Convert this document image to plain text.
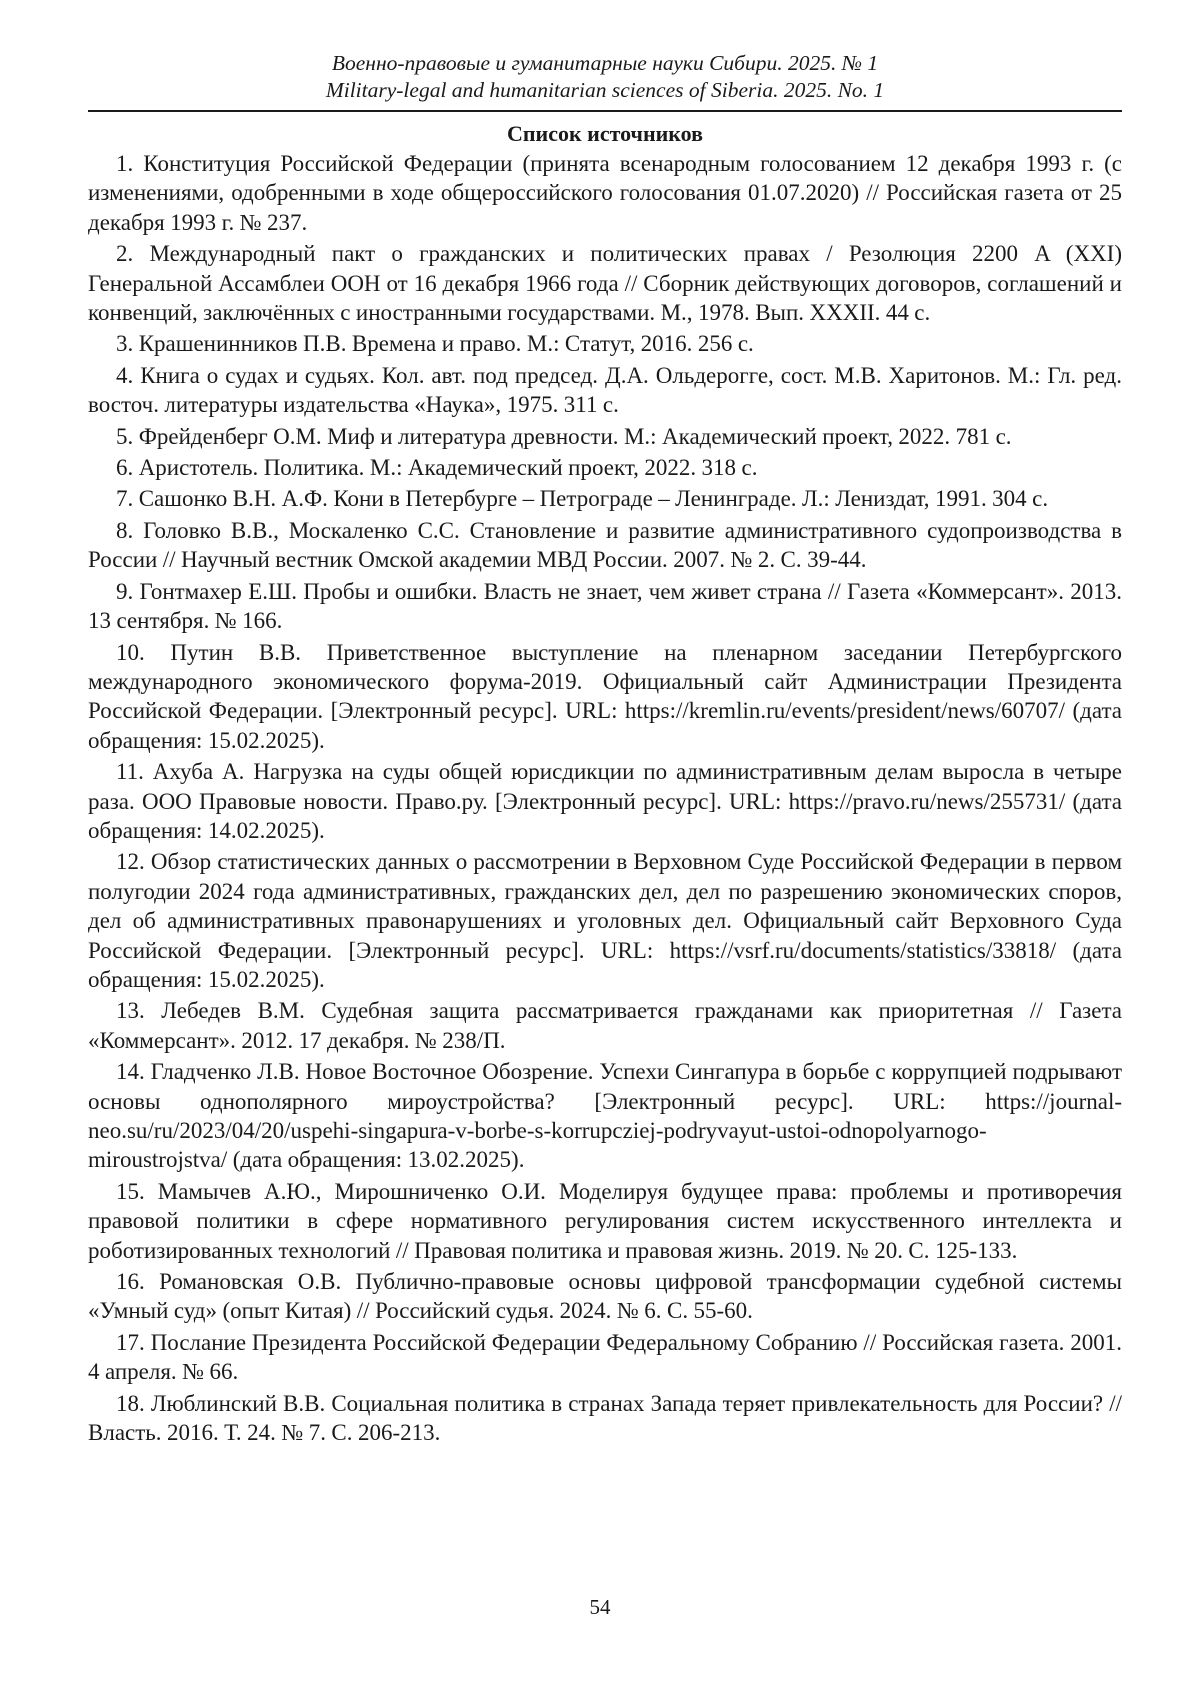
Военно-правовые и гуманитарные науки Сибири. 2025. № 1
Military-legal and humanitarian sciences of Siberia. 2025. No. 1
Список источников
1. Конституция Российской Федерации (принята всенародным голосованием 12 декабря 1993 г. (с изменениями, одобренными в ходе общероссийского голосования 01.07.2020) // Российская газета от 25 декабря 1993 г. № 237.
2. Международный пакт о гражданских и политических правах / Резолюция 2200 A (XXI) Генеральной Ассамблеи ООН от 16 декабря 1966 года // Сборник действующих договоров, соглашений и конвенций, заключённых с иностранными государствами. М., 1978. Вып. XXXII. 44 с.
3. Крашенинников П.В. Времена и право. М.: Статут, 2016. 256 с.
4. Книга о судах и судьях. Кол. авт. под председ. Д.А. Ольдерогге, сост. М.В. Харитонов. М.: Гл. ред. восточ. литературы издательства «Наука», 1975. 311 с.
5. Фрейденберг О.М. Миф и литература древности. М.: Академический проект, 2022. 781 с.
6. Аристотель. Политика. М.: Академический проект, 2022. 318 с.
7. Сашонко В.Н. А.Ф. Кони в Петербурге – Петрограде – Ленинграде. Л.: Лениздат, 1991. 304 с.
8. Головко В.В., Москаленко С.С. Становление и развитие административного судопроизводства в России // Научный вестник Омской академии МВД России. 2007. № 2. С. 39-44.
9. Гонтмахер Е.Ш. Пробы и ошибки. Власть не знает, чем живет страна // Газета «Коммерсант». 2013. 13 сентября. № 166.
10. Путин В.В. Приветственное выступление на пленарном заседании Петербургского международного экономического форума-2019. Официальный сайт Администрации Президента Российской Федерации. [Электронный ресурс]. URL: https://kremlin.ru/events/president/news/60707/ (дата обращения: 15.02.2025).
11. Ахуба А. Нагрузка на суды общей юрисдикции по административным делам выросла в четыре раза. ООО Правовые новости. Право.ру. [Электронный ресурс]. URL: https://pravo.ru/news/255731/ (дата обращения: 14.02.2025).
12. Обзор статистических данных о рассмотрении в Верховном Суде Российской Федерации в первом полугодии 2024 года административных, гражданских дел, дел по разрешению экономических споров, дел об административных правонарушениях и уголовных дел. Официальный сайт Верховного Суда Российской Федерации. [Электронный ресурс]. URL: https://vsrf.ru/documents/statistics/33818/ (дата обращения: 15.02.2025).
13. Лебедев В.М. Судебная защита рассматривается гражданами как приоритетная // Газета «Коммерсант». 2012. 17 декабря. № 238/П.
14. Гладченко Л.В. Новое Восточное Обозрение. Успехи Сингапура в борьбе с коррупцией подрывают основы однополярного мироустройства? [Электронный ресурс]. URL: https://journal-neo.su/ru/2023/04/20/uspehi-singapura-v-borbe-s-korrupcziej-podryvayut-ustoi-odnopolyarnogo-miroustrojstva/ (дата обращения: 13.02.2025).
15. Мамычев А.Ю., Мирошниченко О.И. Моделируя будущее права: проблемы и противоречия правовой политики в сфере нормативного регулирования систем искусственного интеллекта и роботизированных технологий // Правовая политика и правовая жизнь. 2019. № 20. С. 125-133.
16. Романовская О.В. Публично-правовые основы цифровой трансформации судебной системы «Умный суд» (опыт Китая) // Российский судья. 2024. № 6. С. 55-60.
17. Послание Президента Российской Федерации Федеральному Собранию // Российская газета. 2001. 4 апреля. № 66.
18. Люблинский В.В. Социальная политика в странах Запада теряет привлекательность для России? // Власть. 2016. Т. 24. № 7. С. 206-213.
54
